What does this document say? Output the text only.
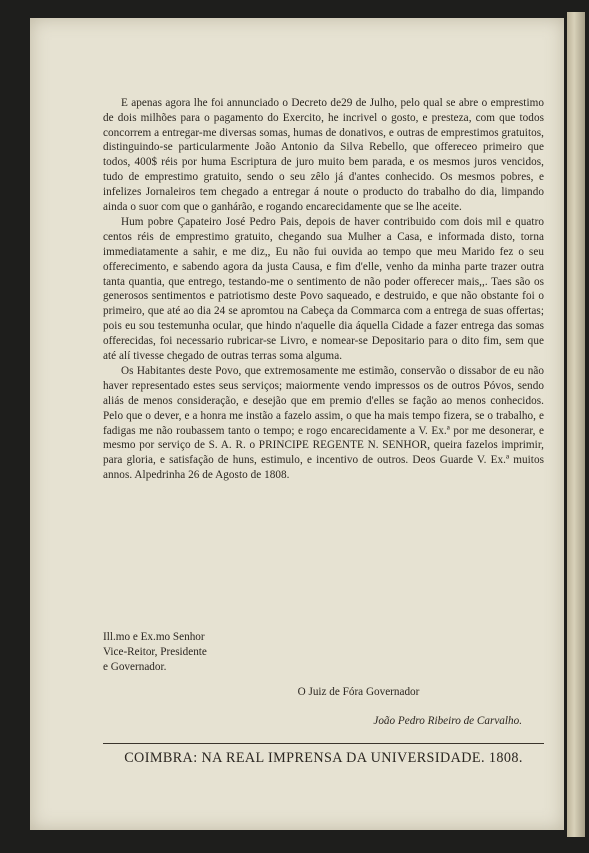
E apenas agora lhe foi annunciado o Decreto de29 de Julho, pelo qual se abre o emprestimo de dois milhões para o pagamento do Exercito, he incrivel o gosto, e presteza, com que todos concorrem a entregar-me diversas somas, humas de donativos, e outras de emprestimos gratuitos, distinguindo-se particularmente João Antonio da Silva Rebello, que offereceo primeiro que todos, 400$ réis por huma Escriptura de juro muito bem parada, e os mesmos juros vencidos, tudo de emprestimo gratuito, sendo o seu zêlo já d'antes conhecido. Os mesmos pobres, e infelizes Jornaleiros tem chegado a entregar á noute o producto do trabalho do dia, limpando ainda o suor com que o ganhárão, e rogando encarecidamente que se lhe aceite.

Hum pobre Çapateiro José Pedro Pais, depois de haver contribuido com dois mil e quatro centos réis de emprestimo gratuito, chegando sua Mulher a Casa, e informada disto, torna immediatamente a sahir, e me diz,, Eu não fui ouvida ao tempo que meu Marido fez o seu offerecimento, e sabendo agora da justa Causa, e fim d'elle, venho da minha parte trazer outra tanta quantia, que entrego, testando-me o sentimento de não poder offerecer mais,,. Taes são os generosos sentimentos e patriotismo deste Povo saqueado, e destruido, e que não obstante foi o primeiro, que até ao dia 24 se apromtou na Cabeça da Commarca com a entrega de suas offertas; pois eu sou testemunha ocular, que hindo n'aquelle dia áquella Cidade a fazer entrega das somas offerecidas, foi necessario rubricar-se Livro, e nomear-se Depositario para o dito fim, sem que até alí tivesse chegado de outras terras soma alguma.

Os Habitantes deste Povo, que extremosamente me estimão, conservão o dissabor de eu não haver representado estes seus serviços; maiormente vendo impressos os de outros Póvos, sendo aliás de menos consideração, e desejão que em premio d'elles se fação ao menos conhecidos. Pelo que o dever, e a honra me instão a fazelo assim, o que ha mais tempo fizera, se o trabalho, e fadigas me não roubassem tanto o tempo; e rogo encarecidamente a V. Ex.ª por me desonerar, e mesmo por serviço de S. A. R. o PRINCIPE REGENTE N. SENHOR, queira fazelos imprimir, para gloria, e satisfação de huns, estimulo, e incentivo de outros. Deos Guarde V. Ex.ª muitos annos. Alpedrinha 26 de Agosto de 1808.

Ill.mo e Ex.mo Senhor
Vice-Reitor, Presidente
e Governador.
O Juiz de Fóra Governador
João Pedro Ribeiro de Carvalho.
COIMBRA: NA REAL IMPRENSA DA UNIVERSIDADE. 1808.
